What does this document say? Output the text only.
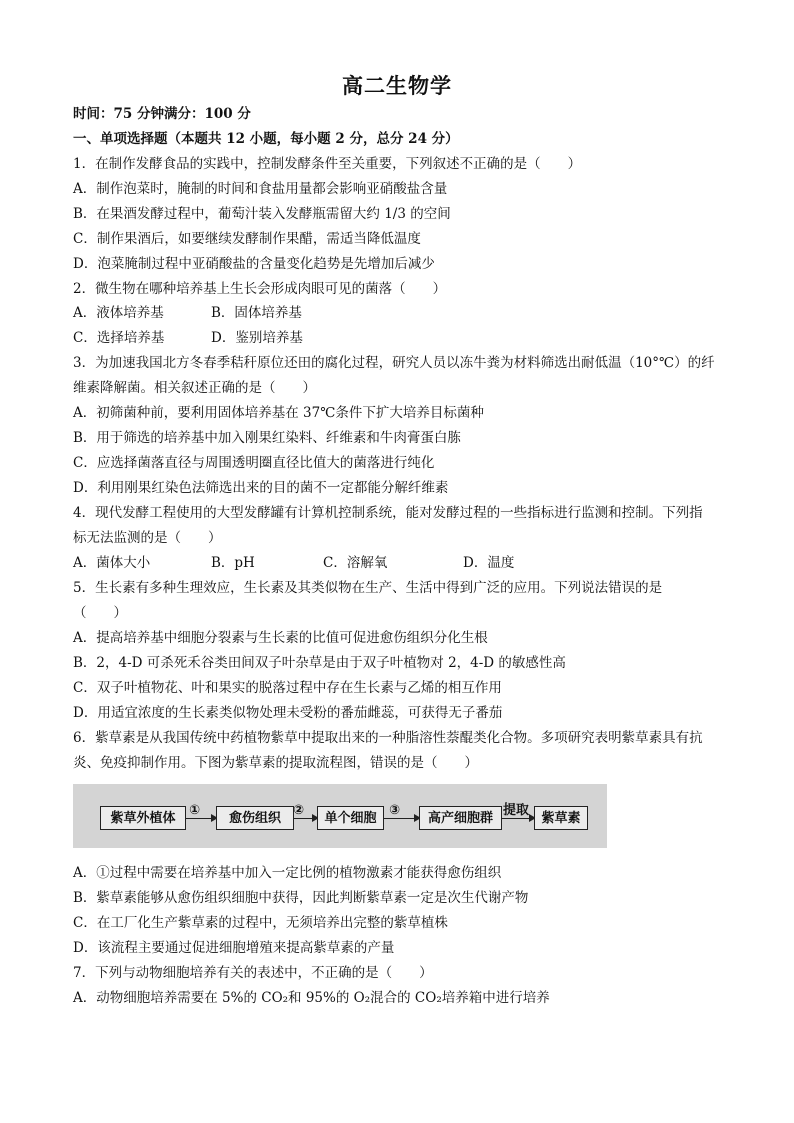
高二生物学
时间：75 分钟满分：100 分
一、单项选择题（本题共 12 小题，每小题 2 分，总分 24 分）
1．在制作发酵食品的实践中，控制发酵条件至关重要，下列叙述不正确的是（　　）
A．制作泡菜时，腌制的时间和食盐用量都会影响亚硝酸盐含量
B．在果酒发酵过程中，葡萄汁装入发酵瓶需留大约 1/3 的空间
C．制作果酒后，如要继续发酵制作果醋，需适当降低温度
D．泡菜腌制过程中亚硝酸盐的含量变化趋势是先增加后减少
2．微生物在哪种培养基上生长会形成肉眼可见的菌落（　　）
A．液体培养基	B．固体培养基
C．选择培养基	D．鉴别培养基
3．为加速我国北方冬春季秸秆原位还田的腐化过程，研究人员以冻牛粪为材料筛选出耐低温（10°℃）的纤
维素降解菌。相关叙述正确的是（　　）
A．初筛菌种前，要利用固体培养基在 37℃条件下扩大培养目标菌种
B．用于筛选的培养基中加入刚果红染料、纤维素和牛肉膏蛋白胨
C．应选择菌落直径与周围透明圈直径比值大的菌落进行纯化
D．利用刚果红染色法筛选出来的目的菌不一定都能分解纤维素
4．现代发酵工程使用的大型发酵罐有计算机控制系统，能对发酵过程的一些指标进行监测和控制。下列指
标无法监测的是（　　）
A．菌体大小	B．pH	C．溶解氧	D．温度
5．生长素有多种生理效应，生长素及其类似物在生产、生活中得到广泛的应用。下列说法错误的是
（　　）
A．提高培养基中细胞分裂素与生长素的比值可促进愈伤组织分化生根
B．2，4-D 可杀死禾谷类田间双子叶杂草是由于双子叶植物对 2，4-D 的敏感性高
C．双子叶植物花、叶和果实的脱落过程中存在生长素与乙烯的相互作用
D．用适宜浓度的生长素类似物处理未受粉的番茄雌蕊，可获得无子番茄
6．紫草素是从我国传统中药植物紫草中提取出来的一种脂溶性萘醌类化合物。多项研究表明紫草素具有抗
炎、免疫抑制作用。下图为紫草素的提取流程图，错误的是（　　）
紫草外植体
①
愈伤组织
②
单个细胞
③
高产细胞群
提取
紫草素
A．①过程中需要在培养基中加入一定比例的植物激素才能获得愈伤组织
B．紫草素能够从愈伤组织细胞中获得，因此判断紫草素一定是次生代谢产物
C．在工厂化生产紫草素的过程中，无须培养出完整的紫草植株
D．该流程主要通过促进细胞增殖来提高紫草素的产量
7．下列与动物细胞培养有关的表述中，不正确的是（　　）
A．动物细胞培养需要在 5%的 CO₂和 95%的 O₂混合的 CO₂培养箱中进行培养
